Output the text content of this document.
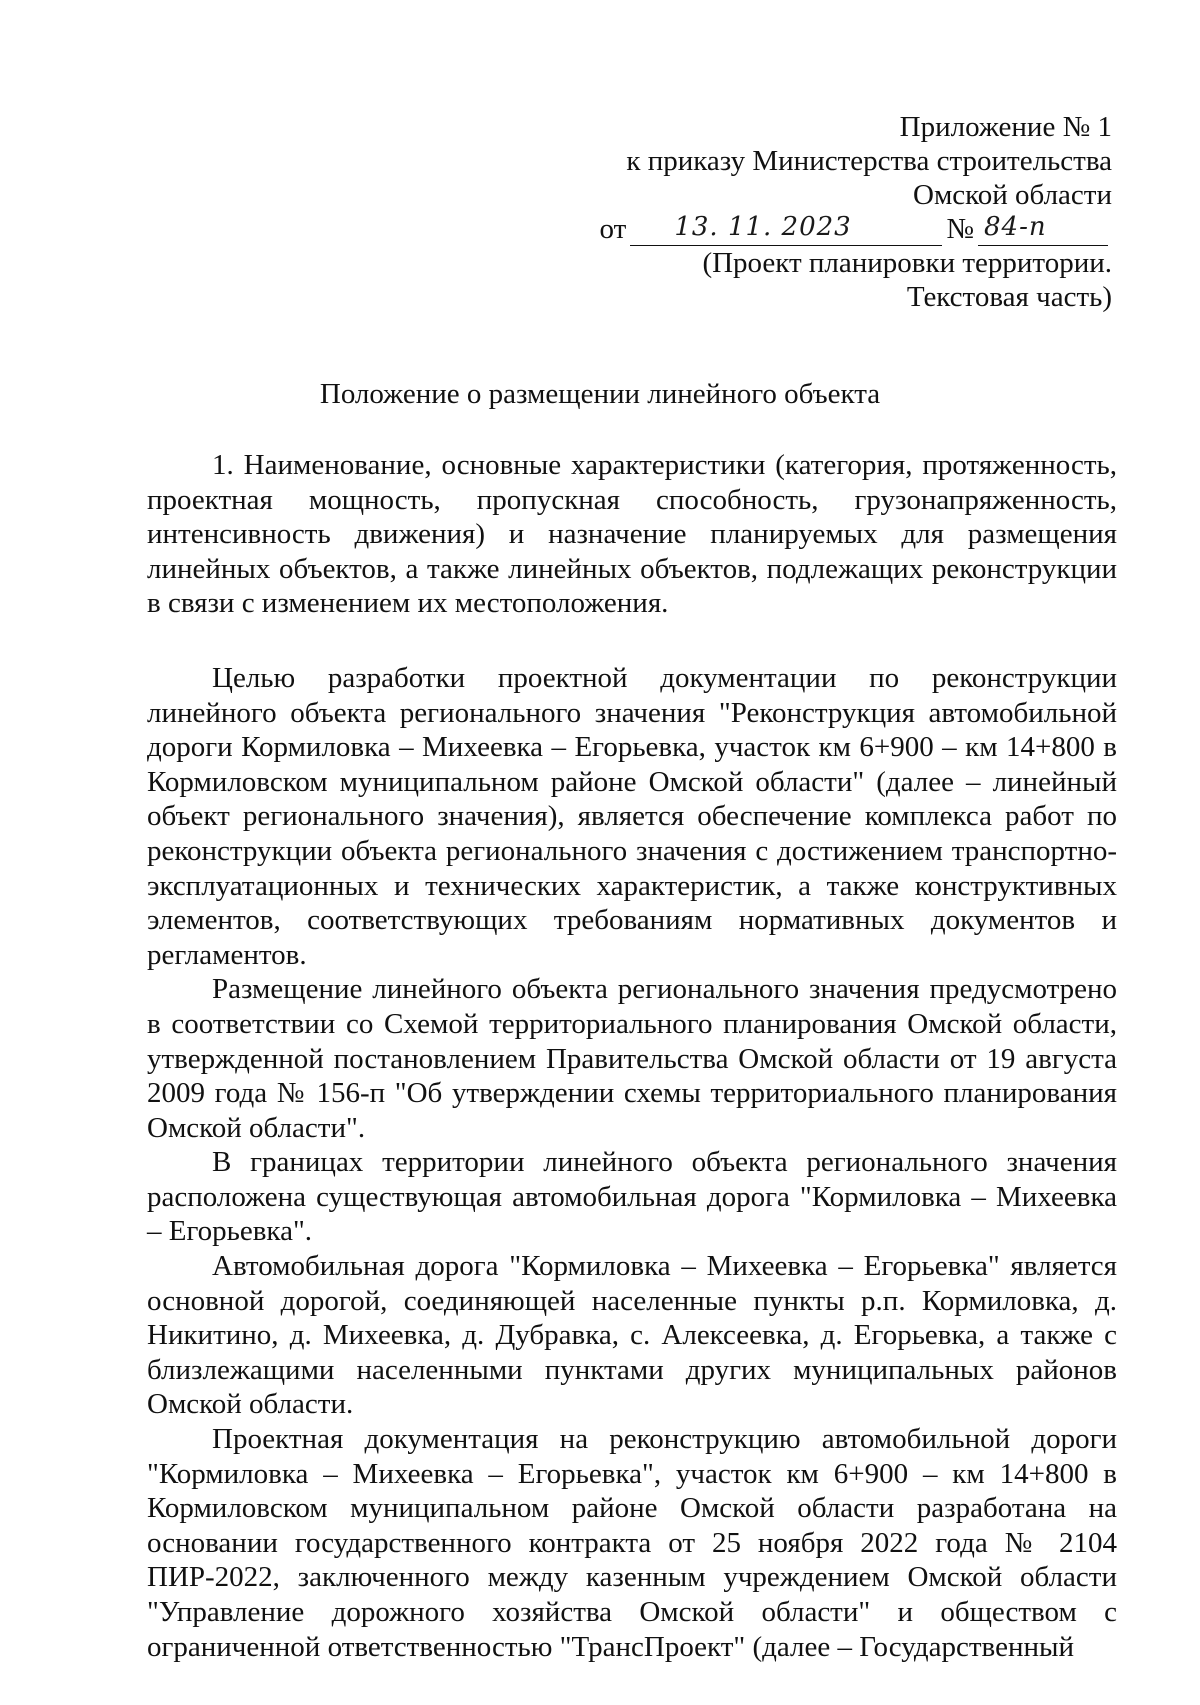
Приложение № 1
к приказу Министерства строительства
Омской области
от 13. 11. 2023	№ 84-п
(Проект планировки территории.
Текстовая часть)
Положение о размещении линейного объекта

1. Наименование, основные характеристики (категория, протяженность, проектная мощность, пропускная способность, грузонапряженность, интенсивность движения) и назначение планируемых для размещения линейных объектов, а также линейных объектов, подлежащих реконструкции в связи с изменением их местоположения.

Целью разработки проектной документации по реконструкции линейного объекта регионального значения "Реконструкция автомобильной дороги Кормиловка – Михеевка – Егорьевка, участок км 6+900 – км 14+800 в Кормиловском муниципальном районе Омской области" (далее – линейный объект регионального значения), является обеспечение комплекса работ по реконструкции объекта регионального значения с достижением транспортно-эксплуатационных и технических характеристик, а также конструктивных элементов, соответствующих требованиям нормативных документов и регламентов.

Размещение линейного объекта регионального значения предусмотрено в соответствии со Схемой территориального планирования Омской области, утвержденной постановлением Правительства Омской области от 19 августа 2009 года № 156-п "Об утверждении схемы территориального планирования Омской области".

В границах территории линейного объекта регионального значения расположена существующая автомобильная дорога "Кормиловка – Михеевка – Егорьевка".

Автомобильная дорога "Кормиловка – Михеевка – Егорьевка" является основной дорогой, соединяющей населенные пункты р.п. Кормиловка, д. Никитино, д. Михеевка, д. Дубравка, с. Алексеевка, д. Егорьевка, а также с близлежащими населенными пунктами других муниципальных районов Омской области.

Проектная документация на реконструкцию автомобильной дороги "Кормиловка – Михеевка – Егорьевка", участок км 6+900 – км 14+800 в Кормиловском муниципальном районе Омской области разработана на основании государственного контракта от 25 ноября 2022 года № 2104 ПИР-2022, заключенного между казенным учреждением Омской области "Управление дорожного хозяйства Омской области" и обществом с ограниченной ответственностью "ТрансПроект" (далее – Государственный
